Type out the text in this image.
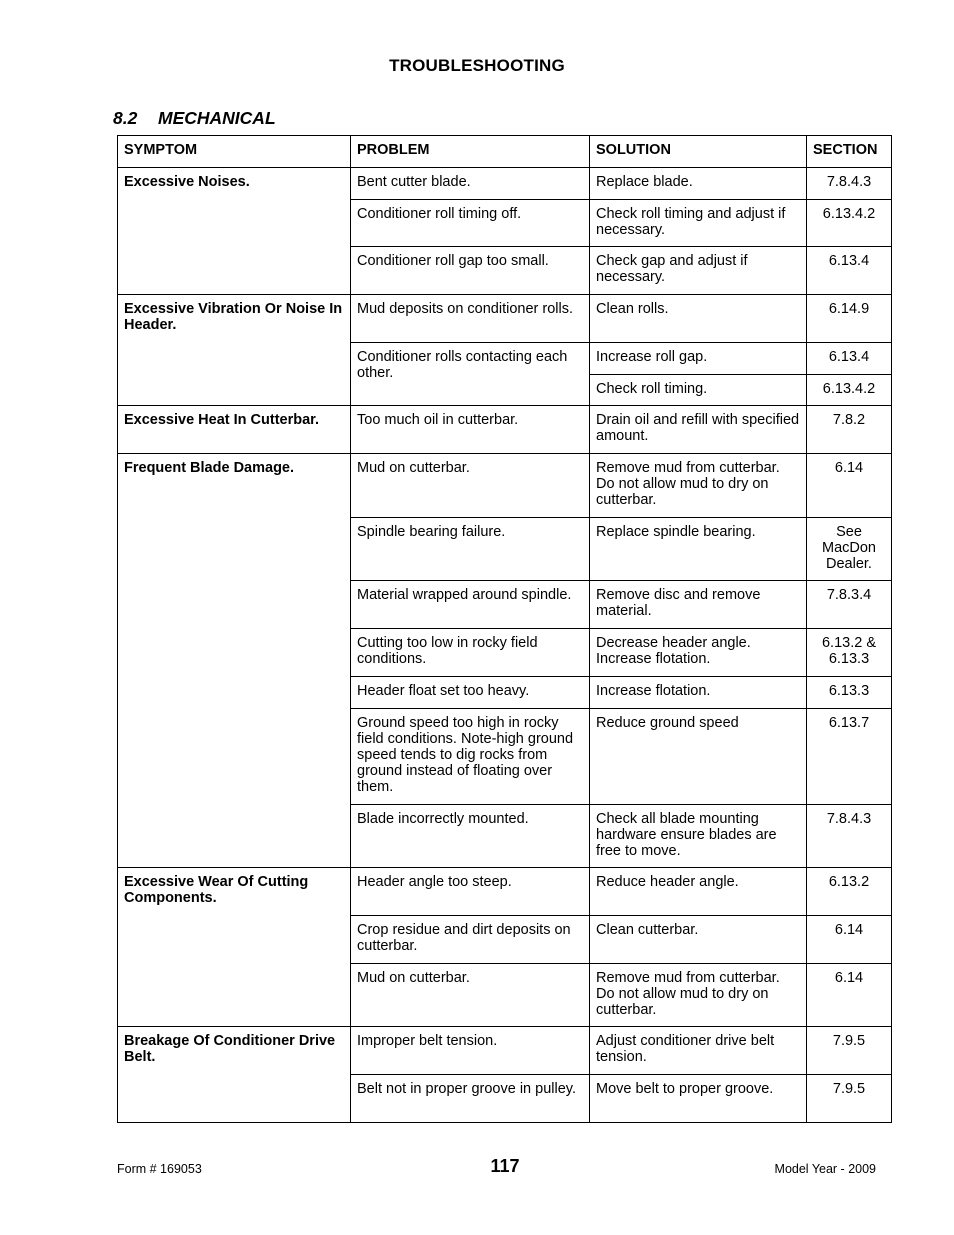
TROUBLESHOOTING
8.2 MECHANICAL
SYMPTOM	PROBLEM	SOLUTION	SECTION
Excessive Noises.	Bent cutter blade.	Replace blade.	7.8.4.3
	Conditioner roll timing off.	Check roll timing and adjust if necessary.	6.13.4.2
	Conditioner roll gap too small.	Check gap and adjust if necessary.	6.13.4
Excessive Vibration Or Noise In Header.	Mud deposits on conditioner rolls.	Clean rolls.	6.14.9
	Conditioner rolls contacting each other.	Increase roll gap.	6.13.4
		Check roll timing.	6.13.4.2
Excessive Heat In Cutterbar.	Too much oil in cutterbar.	Drain oil and refill with specified amount.	7.8.2
Frequent Blade Damage.	Mud on cutterbar.	Remove mud from cutterbar. Do not allow mud to dry on cutterbar.	6.14
	Spindle bearing failure.	Replace spindle bearing.	See MacDon Dealer.
	Material wrapped around spindle.	Remove disc and remove material.	7.8.3.4
	Cutting too low in rocky field conditions.	Decrease header angle. Increase flotation.	6.13.2 & 6.13.3
	Header float set too heavy.	Increase flotation.	6.13.3
	Ground speed too high in rocky field conditions. Note-high ground speed tends to dig rocks from ground instead of floating over them.	Reduce ground speed	6.13.7
	Blade incorrectly mounted.	Check all blade mounting hardware ensure blades are free to move.	7.8.4.3
Excessive Wear Of Cutting Components.	Header angle too steep.	Reduce header angle.	6.13.2
	Crop residue and dirt deposits on cutterbar.	Clean cutterbar.	6.14
	Mud on cutterbar.	Remove mud from cutterbar. Do not allow mud to dry on cutterbar.	6.14
Breakage Of Conditioner Drive Belt.	Improper belt tension.	Adjust conditioner drive belt tension.	7.9.5
	Belt not in proper groove in pulley.	Move belt to proper groove.	7.9.5
Form # 169053	117	Model Year - 2009
